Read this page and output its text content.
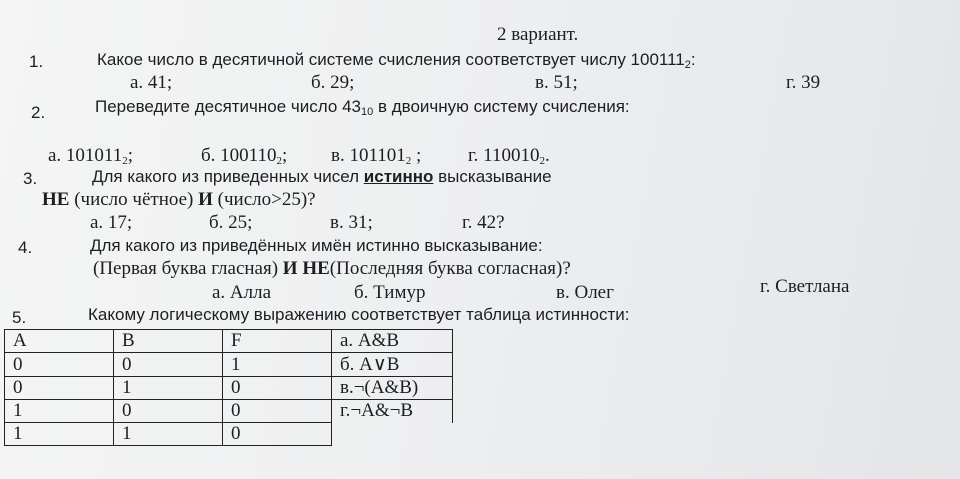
2 вариант.
1.	Какое число в десятичной системе счисления соответствует числу $100111_2$:
а. 41;	б. 29;	в. 51;	г. 39
2.	Переведите десятичное число $43_{10}$ в двоичную систему счисления:
а. $101011_2$;	б. $100110_2$; в. $101101_2$ ; г. $110010_2$.
3.	Для какого из приведенных чисел истинно высказывание
НЕ (число чётное) И (число>25)?
а. 17;	б. 25;	в. 31;	г. 42?
4.	Для какого из приведённых имён истинно высказывание:
(Первая буква гласная) И НЕ(Последняя буква согласная)?
а. Алла	б. Тимур	в. Олег	г. Светлана
5.	Какому логическому выражению соответствует таблица истинности:
A	B	F	а. A&B
0	0	1	б. A∨B
0	1	0	в.¬(A&B)
1	0	0	г.¬A&¬B
1	1	0	
